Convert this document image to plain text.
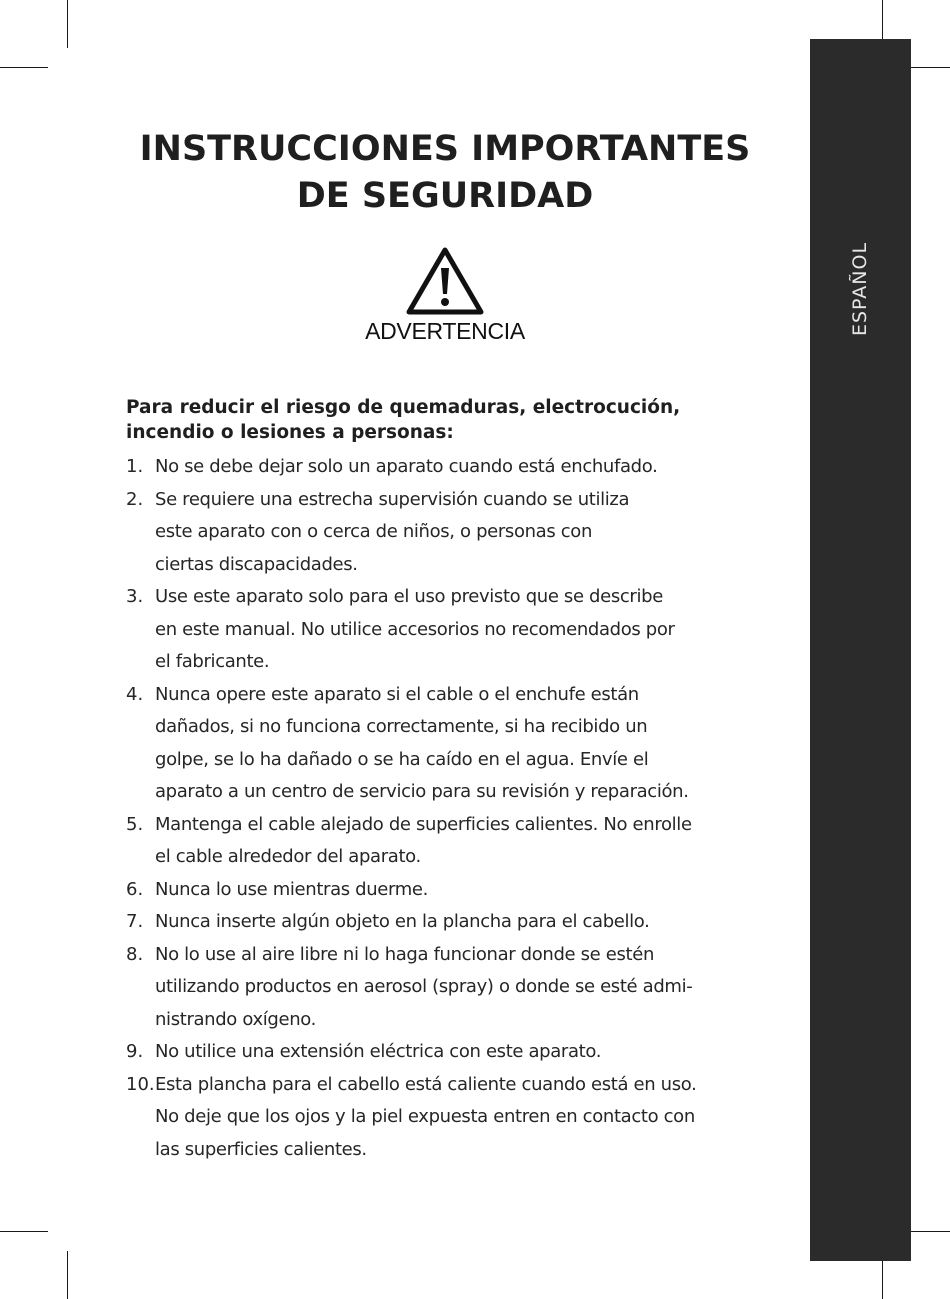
ESPAÑOL
INSTRUCCIONES IMPORTANTES
DE SEGURIDAD
ADVERTENCIA

Para reducir el riesgo de quemaduras, electrocución,
incendio o lesiones a personas:

1. No se debe dejar solo un aparato cuando está enchufado.
2. Se requiere una estrecha supervisión cuando se utiliza
este aparato con o cerca de niños, o personas con
ciertas discapacidades.
3. Use este aparato solo para el uso previsto que se describe
en este manual. No utilice accesorios no recomendados por
el fabricante.
4. Nunca opere este aparato si el cable o el enchufe están
dañados, si no funciona correctamente, si ha recibido un
golpe, se lo ha dañado o se ha caído en el agua. Envíe el
aparato a un centro de servicio para su revisión y reparación.
5. Mantenga el cable alejado de superficies calientes. No enrolle
el cable alrededor del aparato.
6. Nunca lo use mientras duerme.
7. Nunca inserte algún objeto en la plancha para el cabello.
8. No lo use al aire libre ni lo haga funcionar donde se estén
utilizando productos en aerosol (spray) o donde se esté admi-
nistrando oxígeno.
9. No utilice una extensión eléctrica con este aparato.
10. Esta plancha para el cabello está caliente cuando está en uso.
No deje que los ojos y la piel expuesta entren en contacto con
las superficies calientes.
